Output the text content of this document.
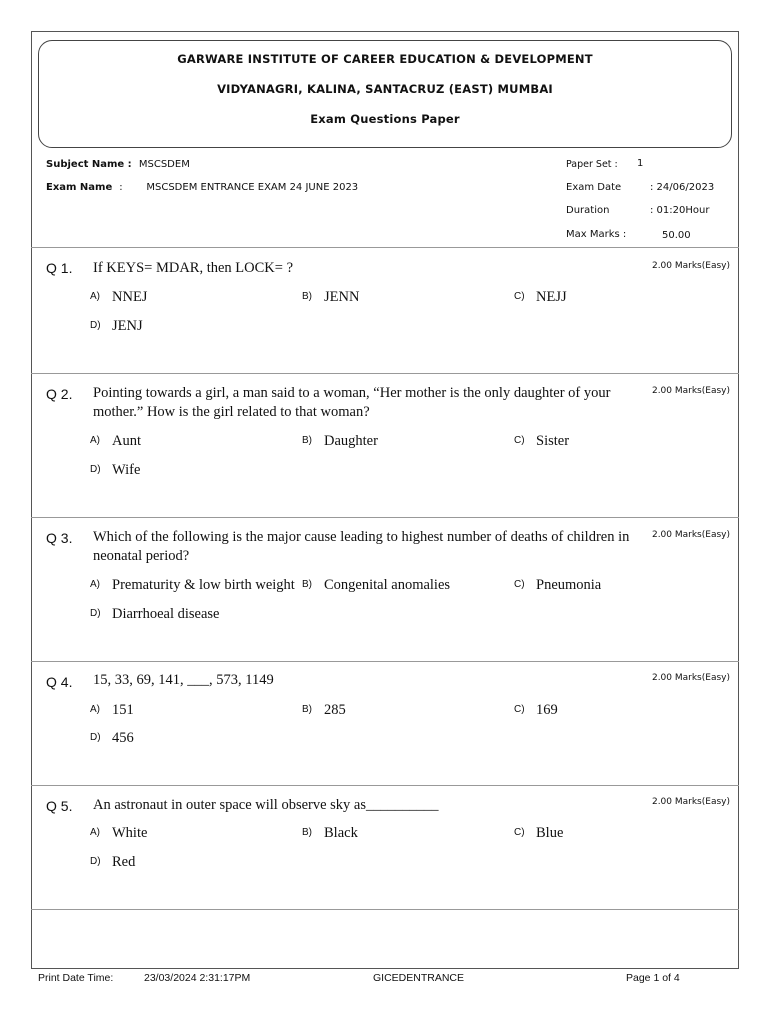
GARWARE INSTITUTE OF CAREER EDUCATION & DEVELOPMENT
VIDYANAGRI, KALINA, SANTACRUZ (EAST) MUMBAI
Exam Questions Paper
Subject Name : MSCSDEM
Exam Name : MSCSDEM ENTRANCE EXAM 24 JUNE 2023
Paper Set : 1
Exam Date	: 24/06/2023
Duration	: 01:20Hour
Max Marks :	50.00
Q 1. If KEYS= MDAR, then LOCK= ?	2.00 Marks(Easy)
A) NNEJ	B) JENN	C) NEJJ
D) JENJ
Q 2. Pointing towards a girl, a man said to a woman, “Her mother is the only daughter of your mother.” How is the girl related to that woman?
2.00 Marks(Easy)
A) Aunt	B) Daughter	C) Sister
D) Wife
Q 3. Which of the following is the major cause leading to highest number of deaths of children in neonatal period?
2.00 Marks(Easy)
A) Prematurity & low birth weight B) Congenital anomalies	C) Pneumonia
D) Diarrhoeal disease
Q 4. 15, 33, 69, 141, ___, 573, 1149	2.00 Marks(Easy)
A) 151	B) 285	C) 169
D) 456
Q 5. An astronaut in outer space will observe sky as__________	2.00 Marks(Easy)
A) White	B) Black	C) Blue
D) Red
Print Date Time:	23/03/2024 2:31:17PM	GICEDENTRANCE	Page 1 of 4
